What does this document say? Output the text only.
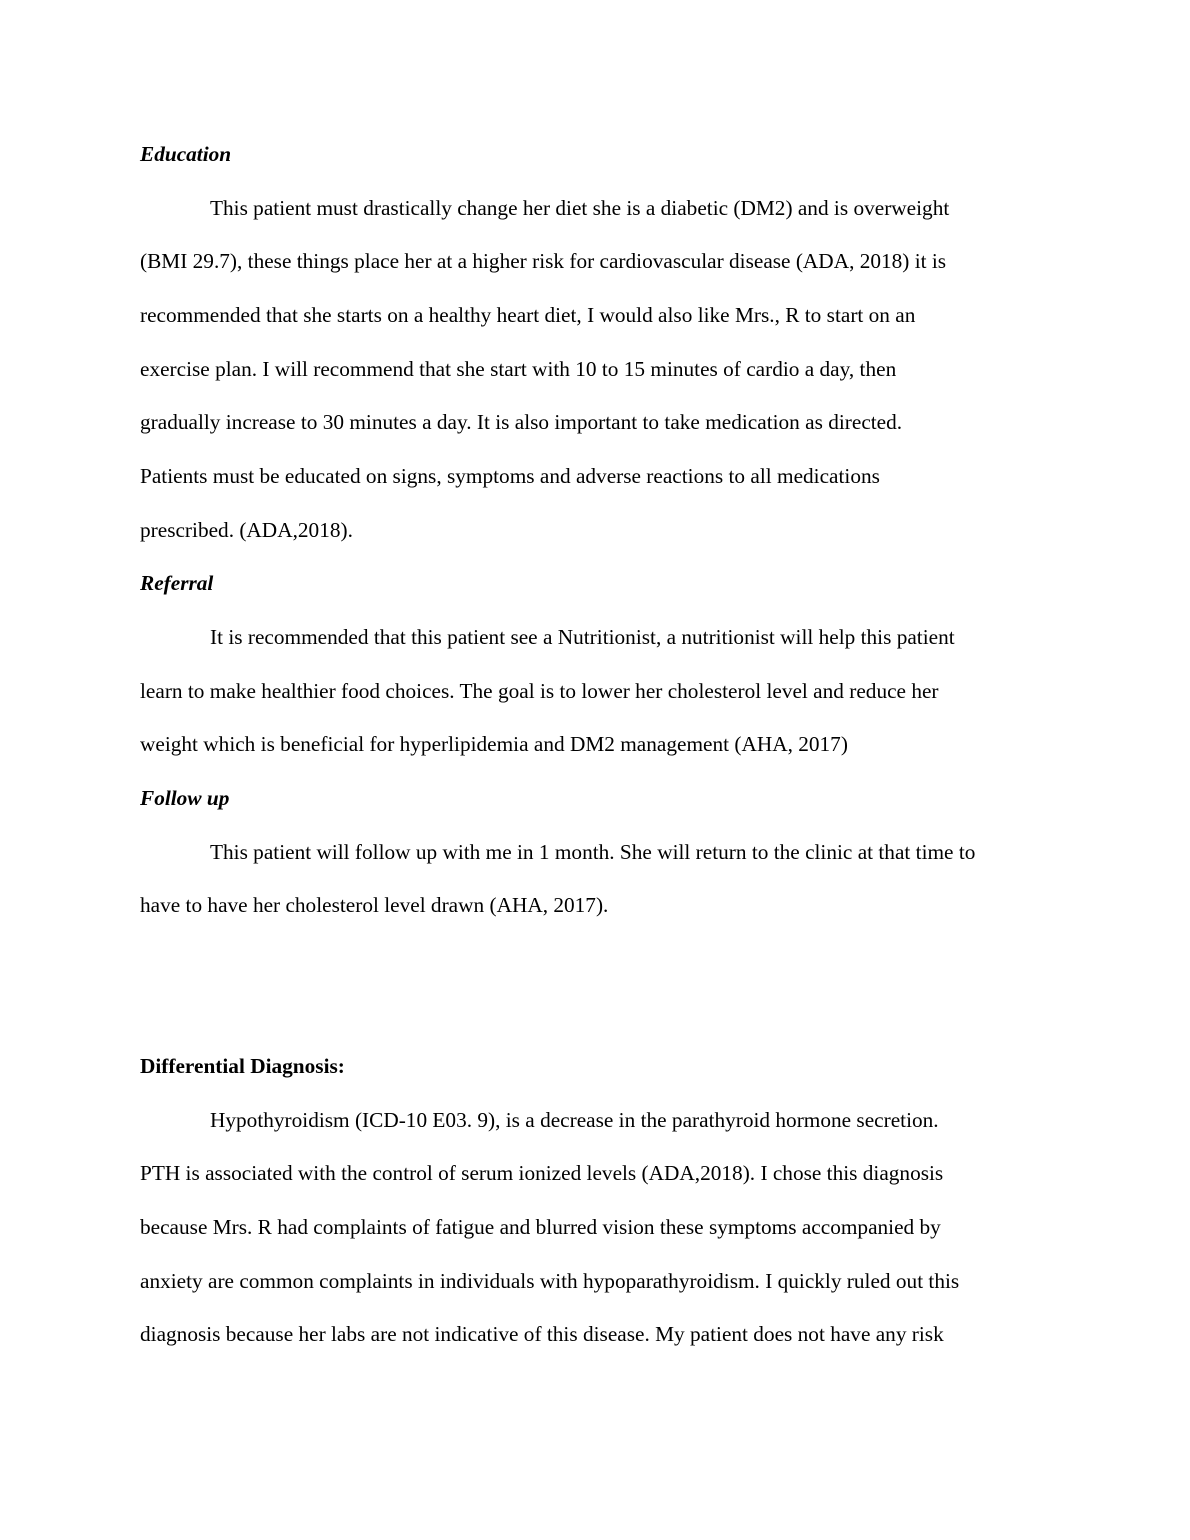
Education
This patient must drastically change her diet she is a diabetic (DM2) and is overweight
(BMI 29.7), these things place her at a higher risk for cardiovascular disease (ADA, 2018) it is
recommended that she starts on a healthy heart diet, I would also like Mrs., R to start on an
exercise plan. I will recommend that she start with 10 to 15 minutes of cardio a day, then
gradually increase to 30 minutes a day. It is also important to take medication as directed.
Patients must be educated on signs, symptoms and adverse reactions to all medications
prescribed. (ADA,2018).
Referral
It is recommended that this patient see a Nutritionist, a nutritionist will help this patient
learn to make healthier food choices. The goal is to lower her cholesterol level and reduce her
weight which is beneficial for hyperlipidemia and DM2 management (AHA, 2017)
Follow up
This patient will follow up with me in 1 month. She will return to the clinic at that time to
have to have her cholesterol level drawn (AHA, 2017).
Differential Diagnosis:
Hypothyroidism (ICD-10 E03. 9), is a decrease in the parathyroid hormone secretion.
PTH is associated with the control of serum ionized levels (ADA,2018). I chose this diagnosis
because Mrs. R had complaints of fatigue and blurred vision these symptoms accompanied by
anxiety are common complaints in individuals with hypoparathyroidism. I quickly ruled out this
diagnosis because her labs are not indicative of this disease. My patient does not have any risk
